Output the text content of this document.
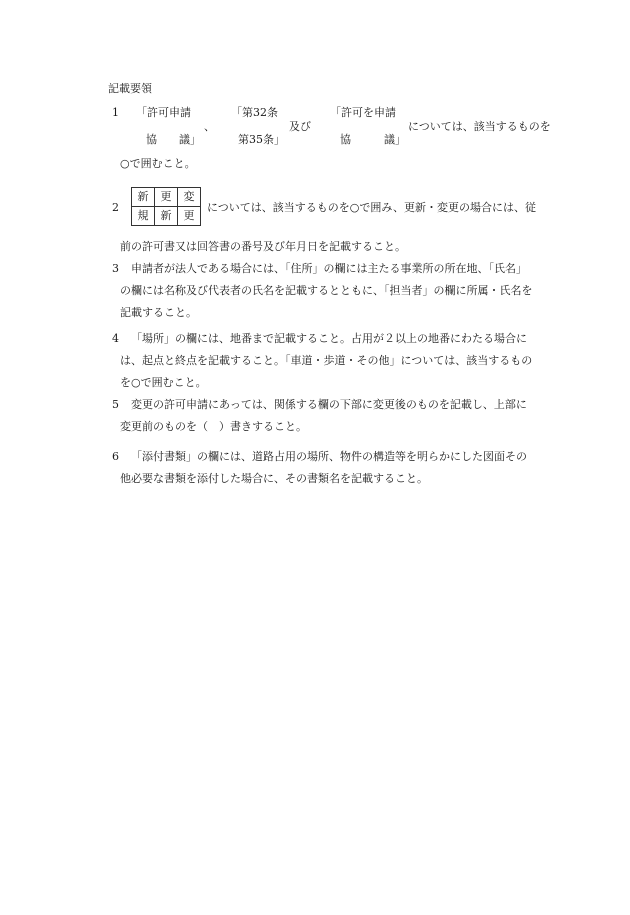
記載要領
1 「許可申請
協　　議」
、
「第32条
第35条」
及び
「許可を申請
協　　　議」
については、該当するものを
○で囲むこと。
2
新	更	変
規	新	更
については、該当するものを○で囲み、更新・変更の場合には、従
前の許可書又は回答書の番号及び年月日を記載すること。
3 申請者が法人である場合には、「住所」の欄には主たる事業所の所在地、「氏名」
の欄には名称及び代表者の氏名を記載するとともに、「担当者」の欄に所属・氏名を
記載すること。
4 「場所」の欄には、地番まで記載すること。占用が２以上の地番にわたる場合に
は、起点と終点を記載すること。「車道・歩道・その他」については、該当するもの
を○で囲むこと。
5 変更の許可申請にあっては、関係する欄の下部に変更後のものを記載し、上部に
変更前のものを（　）書きすること。
6 「添付書類」の欄には、道路占用の場所、物件の構造等を明らかにした図面その
他必要な書類を添付した場合に、その書類名を記載すること。
